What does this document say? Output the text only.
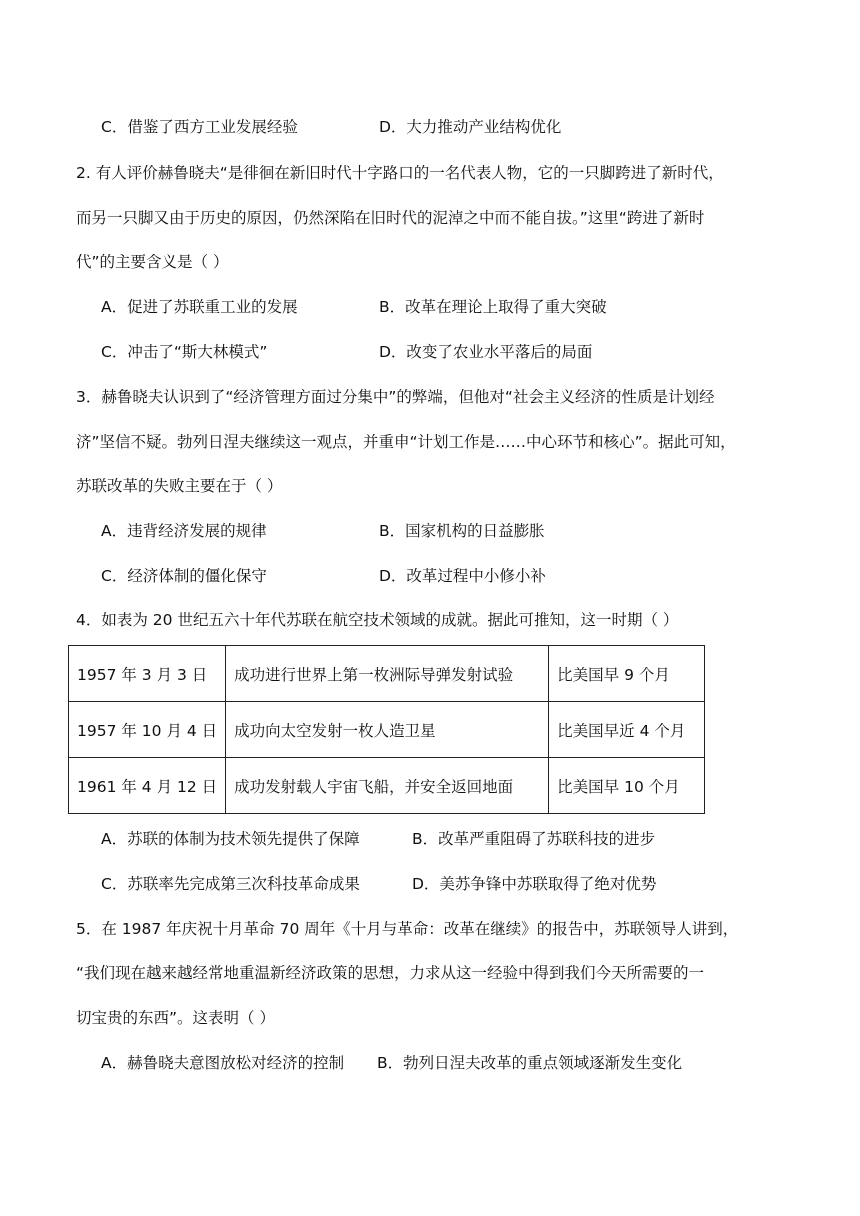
C．借鉴了西方工业发展经验	D．大力推动产业结构优化
2. 有人评价赫鲁晓夫“是徘徊在新旧时代十字路口的一名代表人物，它的一只脚跨进了新时代，
而另一只脚又由于历史的原因，仍然深陷在旧时代的泥淖之中而不能自拔。”这里“跨进了新时
代”的主要含义是（ ）
A．促进了苏联重工业的发展	B．改革在理论上取得了重大突破
C．冲击了“斯大林模式”	D．改变了农业水平落后的局面
3．赫鲁晓夫认识到了“经济管理方面过分集中”的弊端，但他对“社会主义经济的性质是计划经
济”坚信不疑。勃列日涅夫继续这一观点，并重申“计划工作是……中心环节和核心”。据此可知，
苏联改革的失败主要在于（ ）
A．违背经济发展的规律	B．国家机构的日益膨胀
C．经济体制的僵化保守	D．改革过程中小修小补
4．如表为 20 世纪五六十年代苏联在航空技术领域的成就。据此可推知，这一时期（ ）
1957 年 3 月 3 日	成功进行世界上第一枚洲际导弹发射试验	比美国早 9 个月
1957 年 10 月 4 日	成功向太空发射一枚人造卫星	比美国早近 4 个月
1961 年 4 月 12 日	成功发射载人宇宙飞船，并安全返回地面	比美国早 10 个月
A．苏联的体制为技术领先提供了保障	B．改革严重阻碍了苏联科技的进步
C．苏联率先完成第三次科技革命成果	D．美苏争锋中苏联取得了绝对优势
5．在 1987 年庆祝十月革命 70 周年《十月与革命：改革在继续》的报告中，苏联领导人讲到，
“我们现在越来越经常地重温新经济政策的思想，力求从这一经验中得到我们今天所需要的一
切宝贵的东西”。这表明（ ）
A．赫鲁晓夫意图放松对经济的控制 B．勃列日涅夫改革的重点领域逐渐发生变化
